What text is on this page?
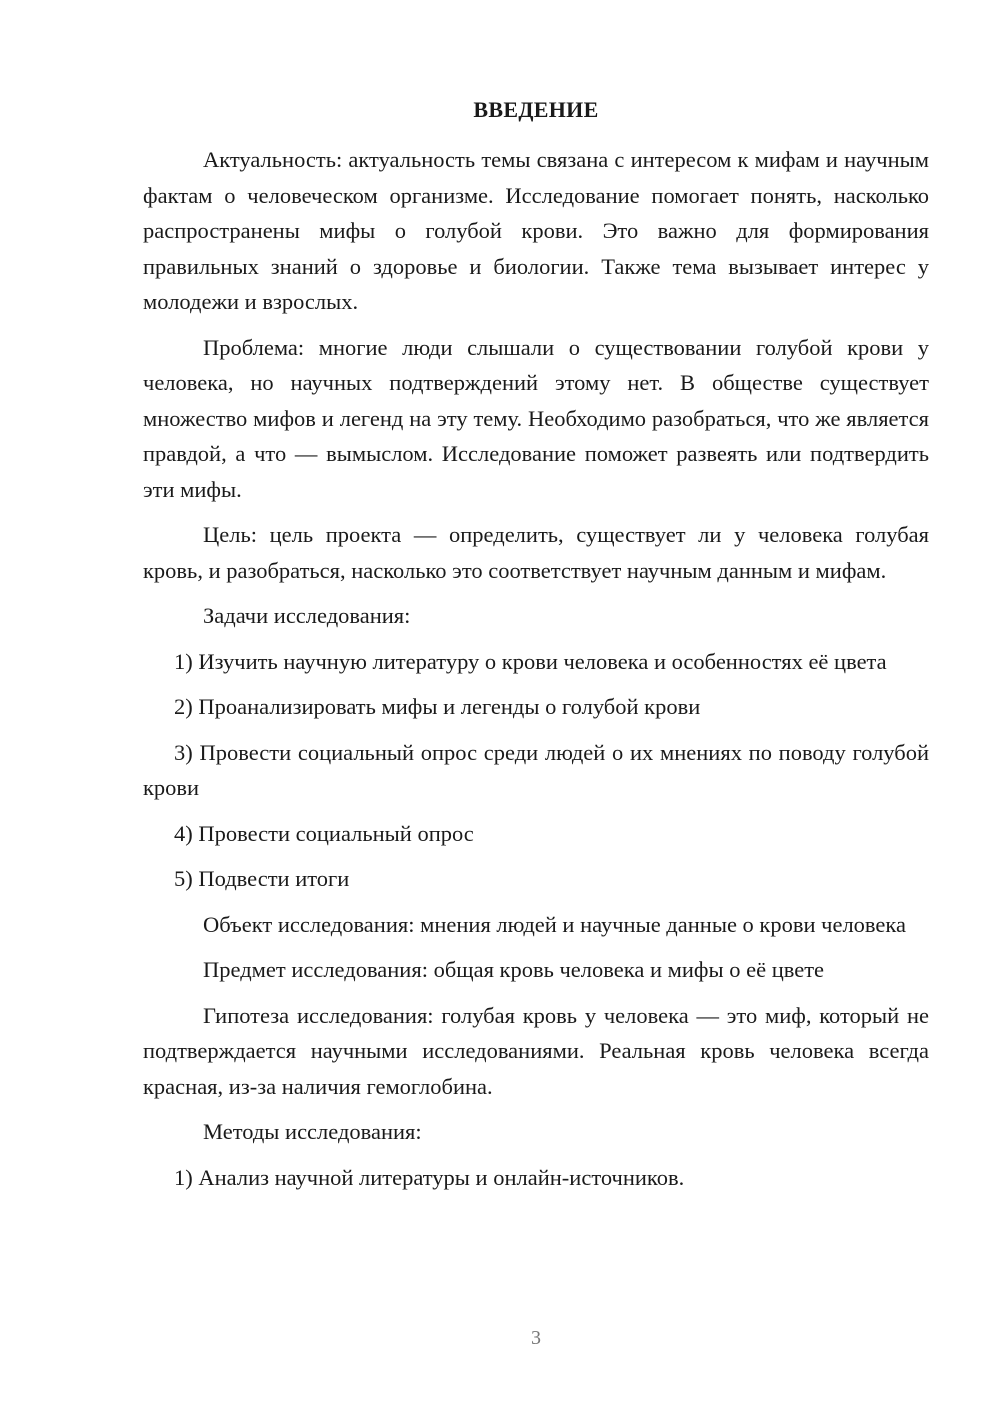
ВВЕДЕНИЕ

Актуальность: актуальность темы связана с интересом к мифам и научным фактам о человеческом организме. Исследование помогает понять, насколько распространены мифы о голубой крови. Это важно для формирования правильных знаний о здоровье и биологии. Также тема вызывает интерес у молодежи и взрослых.

Проблема: многие люди слышали о существовании голубой крови у человека, но научных подтверждений этому нет. В обществе существует множество мифов и легенд на эту тему. Необходимо разобраться, что же является правдой, а что — вымыслом. Исследование поможет развеять или подтвердить эти мифы.

Цель: цель проекта — определить, существует ли у человека голубая кровь, и разобраться, насколько это соответствует научным данным и мифам.

Задачи исследования:

1) Изучить научную литературу о крови человека и особенностях её цвета

2) Проанализировать мифы и легенды о голубой крови

3) Провести социальный опрос среди людей о их мнениях по поводу голубой крови

4) Провести социальный опрос

5) Подвести итоги

Объект исследования: мнения людей и научные данные о крови человека

Предмет исследования: общая кровь человека и мифы о её цвете

Гипотеза исследования: голубая кровь у человека — это миф, который не подтверждается научными исследованиями. Реальная кровь человека всегда красная, из-за наличия гемоглобина.

Методы исследования:

1) Анализ научной литературы и онлайн-источников.

3
